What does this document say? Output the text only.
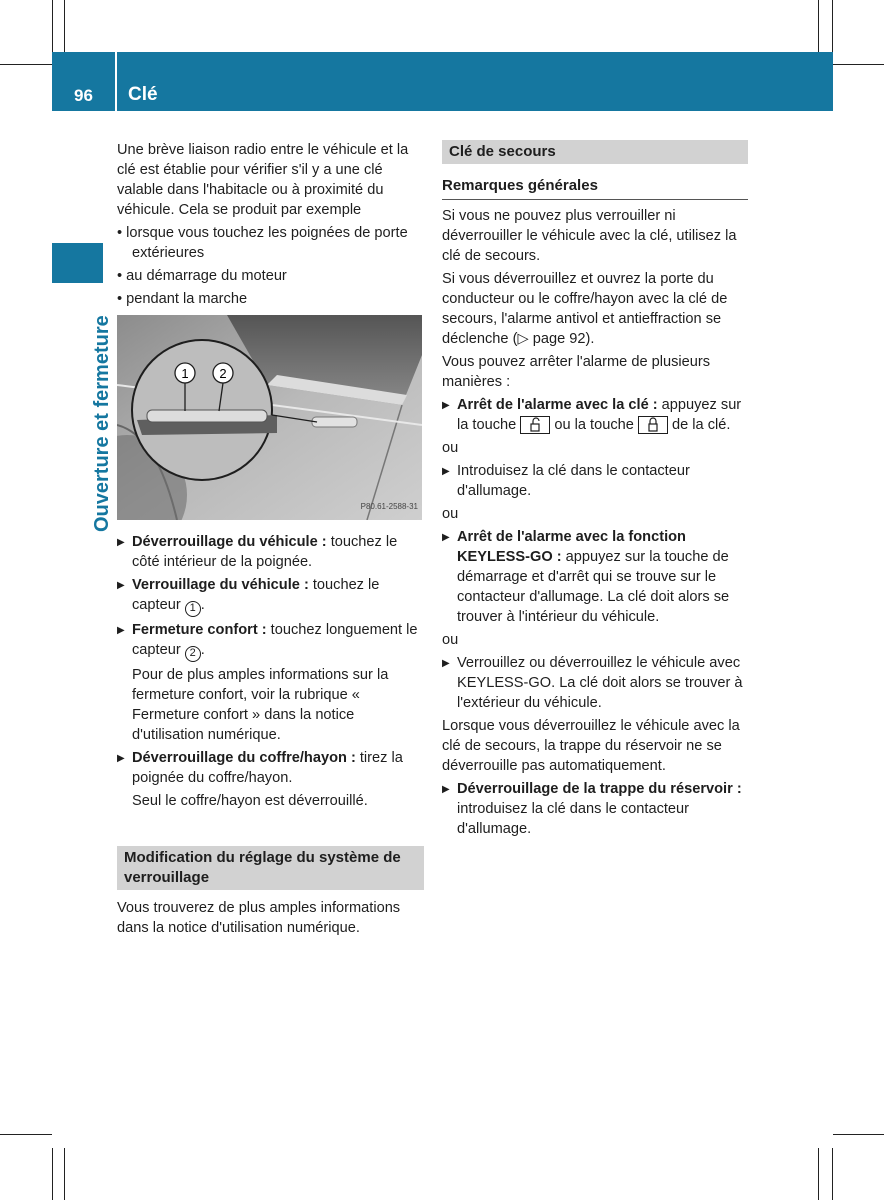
96	Clé
Ouverture et fermeture

Une brève liaison radio entre le véhicule et la clé est établie pour vérifier s'il y a une clé valable dans l'habitacle ou à proximité du véhicule. Cela se produit par exemple

• lorsque vous touchez les poignées de porte extérieures
• au démarrage du moteur
• pendant la marche
1 2
P80.61-2588-31
▶ Déverrouillage du véhicule : touchez le côté intérieur de la poignée.
▶ Verrouillage du véhicule : touchez le capteur 1 .
▶ Fermeture confort : touchez longuement le capteur 2 .
Pour de plus amples informations sur la fermeture confort, voir la rubrique « Fermeture confort » dans la notice d'utilisation numérique.
▶ Déverrouillage du coffre/hayon : tirez la poignée du coffre/hayon.
Seul le coffre/hayon est déverrouillé.
Modification du réglage du système de verrouillage

Vous trouverez de plus amples informations dans la notice d'utilisation numérique.

Clé de secours
Remarques générales

Si vous ne pouvez plus verrouiller ni déverrouiller le véhicule avec la clé, utilisez la clé de secours.

Si vous déverrouillez et ouvrez la porte du conducteur ou le coffre/hayon avec la clé de secours, l'alarme antivol et antieffraction se déclenche (▷ page 92).

Vous pouvez arrêter l'alarme de plusieurs manières :

▶ Arrêt de l'alarme avec la clé : appuyez sur la touche  ou la touche  de la clé.

ou

▶ Introduisez la clé dans le contacteur d'allumage.

ou

▶ Arrêt de l'alarme avec la fonction KEYLESS-GO : appuyez sur la touche de démarrage et d'arrêt qui se trouve sur le contacteur d'allumage. La clé doit alors se trouver à l'intérieur du véhicule.

ou

▶ Verrouillez ou déverrouillez le véhicule avec KEYLESS-GO. La clé doit alors se trouver à l'extérieur du véhicule.

Lorsque vous déverrouillez le véhicule avec la clé de secours, la trappe du réservoir ne se déverrouille pas automatiquement.

▶ Déverrouillage de la trappe du réservoir : introduisez la clé dans le contacteur d'allumage.
